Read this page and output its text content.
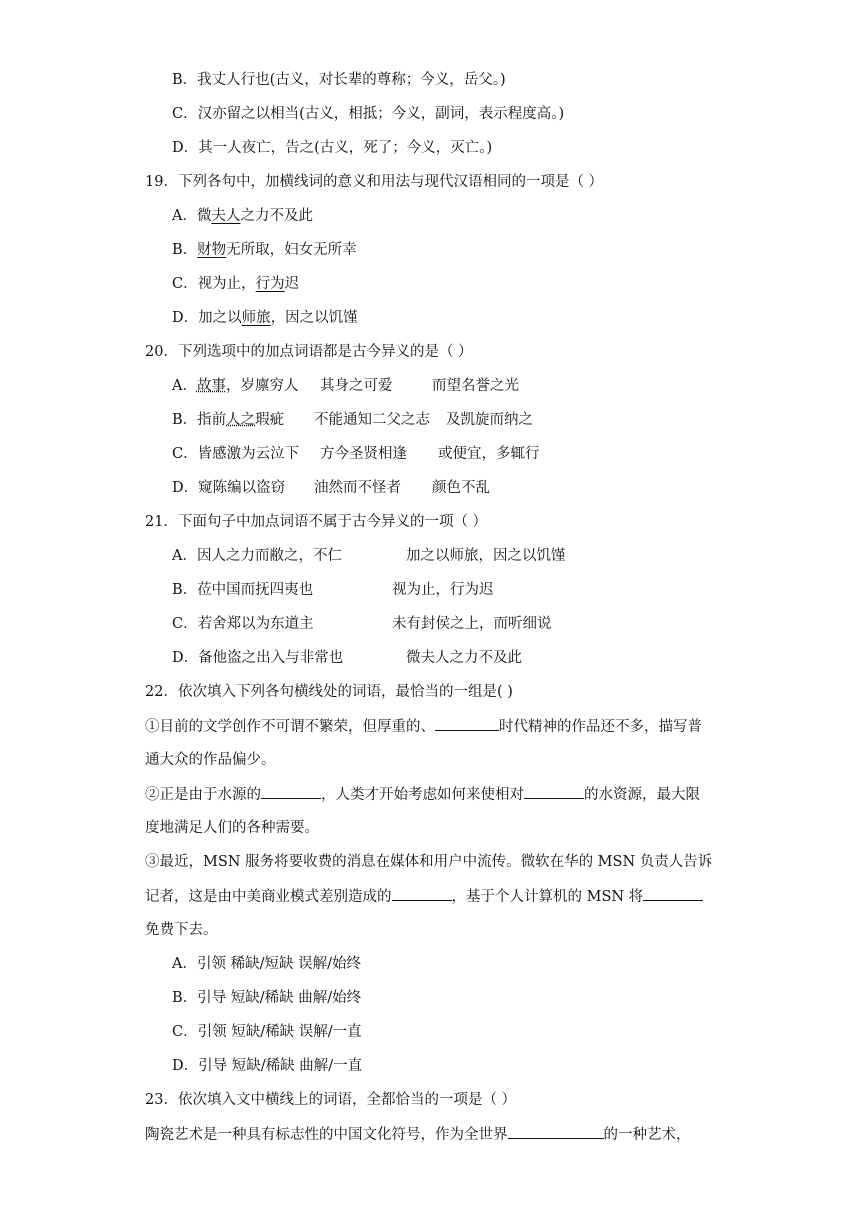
B．我丈人行也(古义，对长辈的尊称；今义，岳父。)
C．汉亦留之以相当(古义，相抵；今义，副词，表示程度高。)
D．其一人夜亡，告之(古义，死了；今义，灭亡。)
19．下列各句中，加横线词的意义和用法与现代汉语相同的一项是（ ）
A．微夫人之力不及此
B．财物无所取，妇女无所幸
C．视为止，行为迟
D．加之以师旅，因之以饥馑
20．下列选项中的加点词语都是古今异义的是（ ）
A．故事，岁廪穷人 其身之可爱	而望名誉之光
B．指前人之瑕疵 不能通知二父之志 及凯旋而纳之
C．皆感激为云泣下 方今圣贤相逢 或便宜，多辄行
D．窥陈编以盗窃 油然而不怪者 颜色不乱
21．下面句子中加点词语不属于古今异义的一项（ ）
A．因人之力而敝之，不仁	加之以师旅，因之以饥馑
B．莅中国而抚四夷也	视为止，行为迟
C．若舍郑以为东道主	未有封侯之上，而听细说
D．备他盗之出入与非常也	微夫人之力不及此
22．依次填入下列各句横线处的词语，最恰当的一组是( )
①目前的文学创作不可谓不繁荣，但厚重的、	时代精神的作品还不多，描写普
通大众的作品偏少。
②正是由于水源的	，人类才开始考虑如何来使相对	的水资源，最大限
度地满足人们的各种需要。
③最近，MSN 服务将要收费的消息在媒体和用户中流传。微软在华的 MSN 负责人告诉
记者，这是由中美商业模式差别造成的	，基于个人计算机的 MSN 将
免费下去。
A．引领 稀缺/短缺 误解/始终
B．引导 短缺/稀缺 曲解/始终
C．引领 短缺/稀缺 误解/一直
D．引导 短缺/稀缺 曲解/一直
23．依次填入文中横线上的词语，全都恰当的一项是（ ）
陶瓷艺术是一种具有标志性的中国文化符号，作为全世界	的一种艺术，
